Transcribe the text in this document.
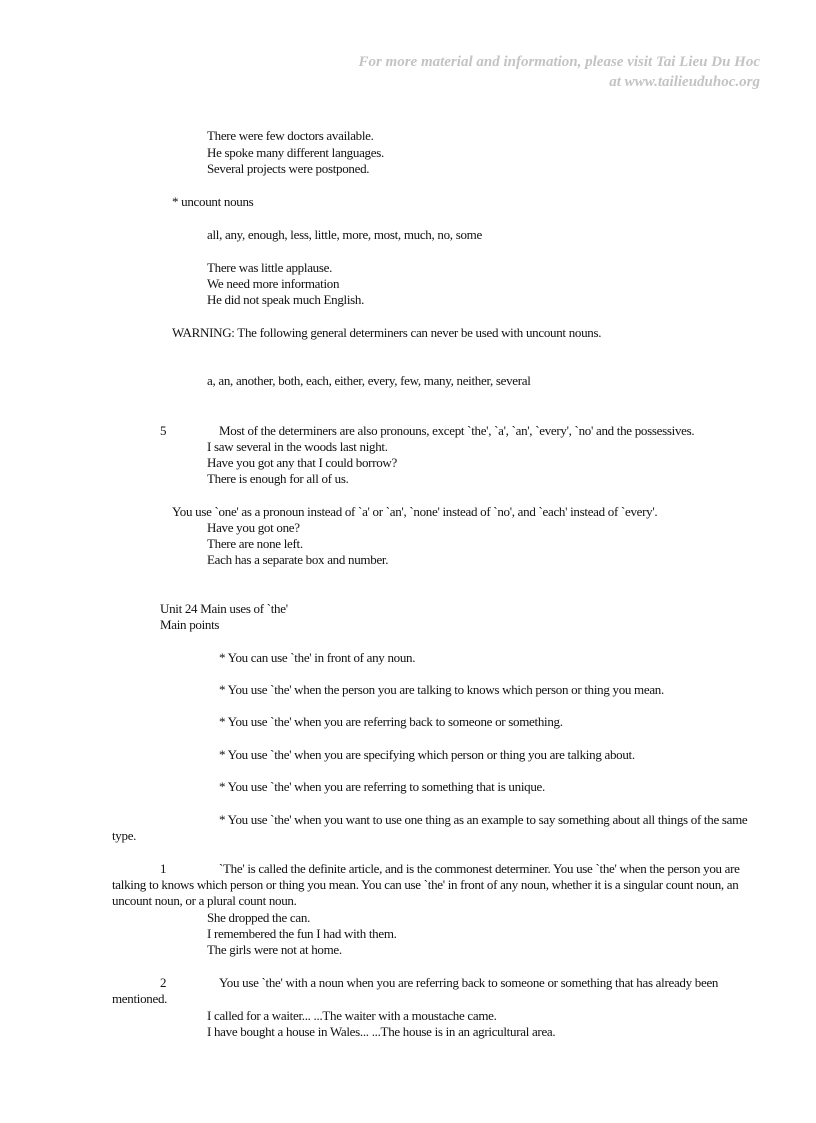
For more material and information, please visit Tai Lieu Du Hoc
at www.tailieuduhoc.org
There were few doctors available.
He spoke many different languages.
Several projects were postponed.
* uncount nouns
all, any, enough, less, little, more, most, much, no, some
There was little applause.
We need more information
He did not speak much English.
WARNING: The following general determiners can never be used with uncount nouns.
a, an, another, both, each, either, every, few, many, neither, several
5	Most of the determiners are also pronouns, except `the', `a', `an', `every', `no' and the possessives.
I saw several in the woods last night.
Have you got any that I could borrow?
There is enough for all of us.
You use `one' as a pronoun instead of `a' or `an', `none' instead of `no', and `each' instead of `every'.
Have you got one?
There are none left.
Each has a separate box and number.
Unit 24 Main uses of `the'
Main points
* You can use `the' in front of any noun.
* You use `the' when the person you are talking to knows which person or thing you mean.
* You use `the' when you are referring back to someone or something.
* You use `the' when you are specifying which person or thing you are talking about.
* You use `the' when you are referring to something that is unique.
* You use `the' when you want to use one thing as an example to say something about all things of the same type.
1	`The' is called the definite article, and is the commonest determiner. You use `the' when the person you are talking to knows which person or thing you mean. You can use `the' in front of any noun, whether it is a singular count noun, an uncount noun, or a plural count noun.
She dropped the can.
I remembered the fun I had with them.
The girls were not at home.
2	You use `the' with a noun when you are referring back to someone or something that has already been mentioned.
I called for a waiter... ...The waiter with a moustache came.
I have bought a house in Wales... ...The house is in an agricultural area.
